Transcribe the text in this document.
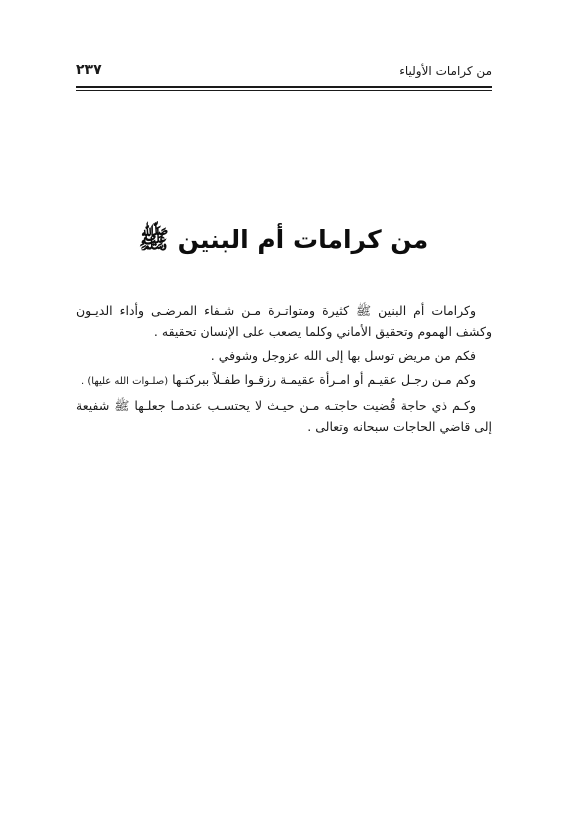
من كرامات الأولياء
٢٣٧
من كرامات أم البنين ﷺ

وكرامات أم البنين ﷺ كثيرة ومتواتـرة مـن شـفاء المرضـى وأداء الديـون وكشف الهموم وتحقيق الأماني وكلما يصعب على الإنسان تحقيقه .

فكم من مريض توسل بها إلى الله عزوجل وشوفي .

وكم مـن رجـل عقيـم أو امـرأة عقيمـة رزقـوا طفـلاً ببركتـها (صلـوات الله عليها) .

وكـم ذي حاجة قُضيت حاجتـه مـن حيـث لا يحتسـب عندمـا جعلـها ﷺ شفيعة إلى قاضي الحاجات سبحانه وتعالى .
